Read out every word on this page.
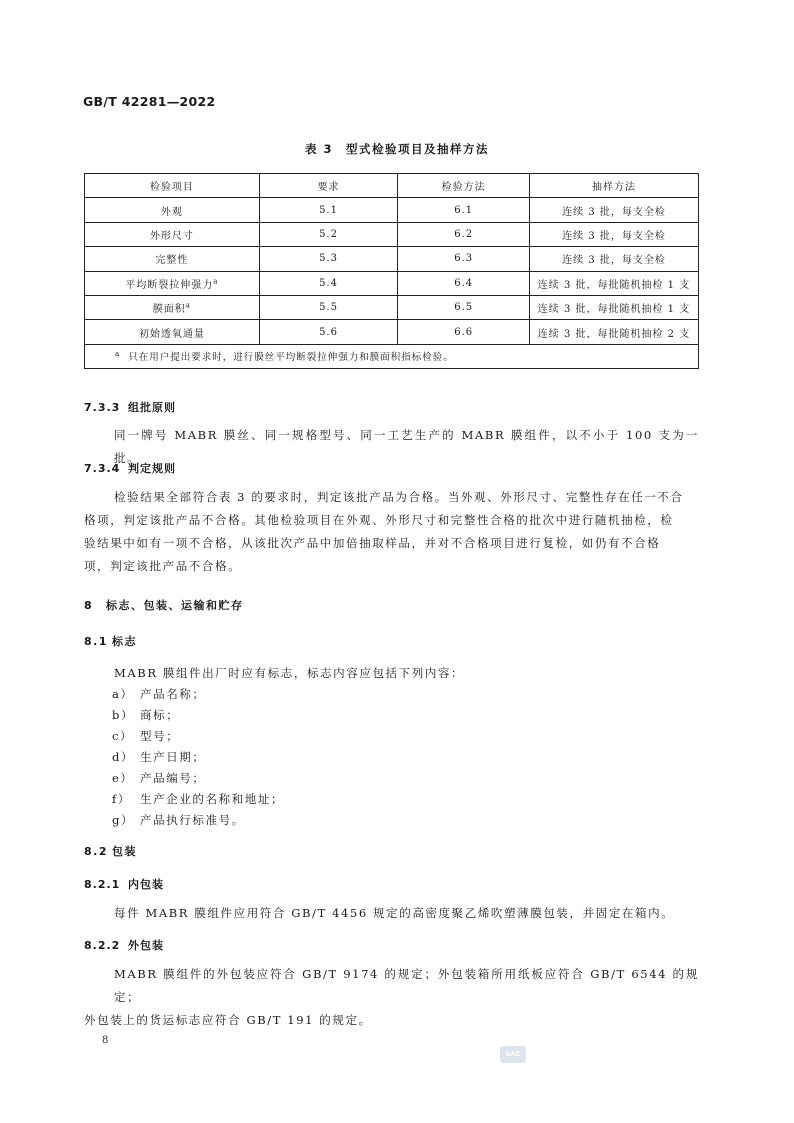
GB/T 42281—2022
表 3　型式检验项目及抽样方法
检验项目	要求	检验方法	抽样方法
外观	5.1	6.1	连续 3 批，每支全检
外形尺寸	5.2	6.2	连续 3 批，每支全检
完整性	5.3	6.3	连续 3 批，每支全检
平均断裂拉伸强力$^a$	5.4	6.4	连续 3 批，每批随机抽检 1 支
膜面积$^a$	5.5	6.5	连续 3 批，每批随机抽检 1 支
初始透氧通量	5.6	6.6	连续 3 批，每批随机抽检 2 支
$^a$ 只在用户提出要求时，进行膜丝平均断裂拉伸强力和膜面积指标检验。			
7.3.3 组批原则
同一牌号 MABR 膜丝、同一规格型号、同一工艺生产的 MABR 膜组件，以不小于 100 支为一批。
7.3.4 判定规则
检验结果全部符合表 3 的要求时，判定该批产品为合格。当外观、外形尺寸、完整性存在任一不合
格项，判定该批产品不合格。其他检验项目在外观、外形尺寸和完整性合格的批次中进行随机抽检，检
验结果中如有一项不合格，从该批次产品中加倍抽取样品，并对不合格项目进行复检，如仍有不合格
项，判定该批产品不合格。
8 标志、包装、运输和贮存
8.1 标志
MABR 膜组件出厂时应有标志，标志内容应包括下列内容：
a） 产品名称；
b） 商标；
c） 型号；
d） 生产日期；
e） 产品编号；
f） 生产企业的名称和地址；
g） 产品执行标准号。
8.2 包装
8.2.1 内包装
每件 MABR 膜组件应用符合 GB/T 4456 规定的高密度聚乙烯吹塑薄膜包装，并固定在箱内。
8.2.2 外包装
MABR 膜组件的外包装应符合 GB/T 9174 的规定；外包装箱所用纸板应符合 GB/T 6544 的规定；
外包装上的货运标志应符合 GB/T 191 的规定。
8
SAC
